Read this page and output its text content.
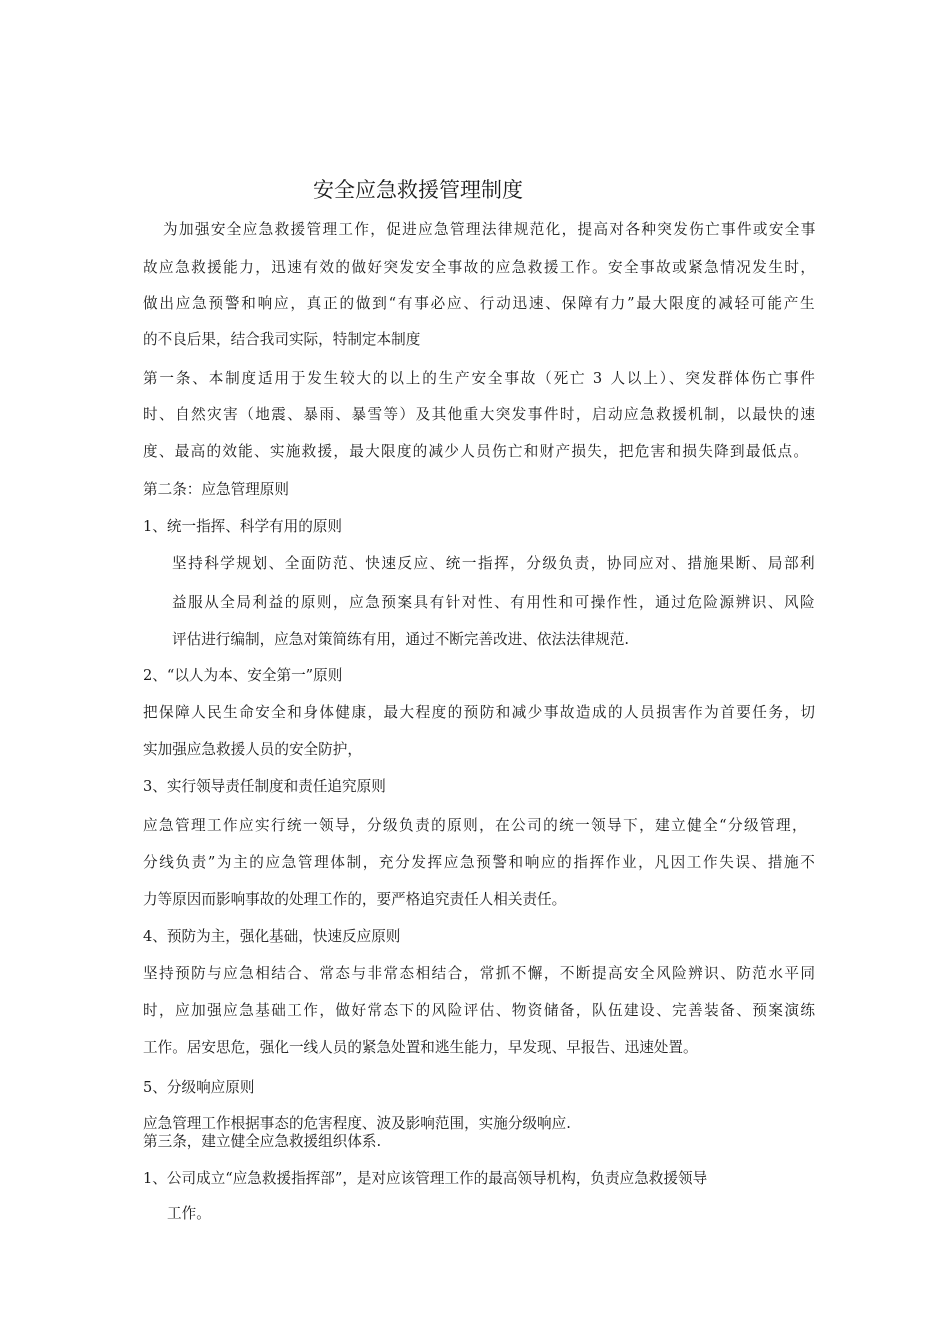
安全应急救援管理制度
为加强安全应急救援管理工作，促进应急管理法律规范化，提高对各种突发伤亡事件或安全事
故应急救援能力，迅速有效的做好突发安全事故的应急救援工作。安全事故或紧急情况发生时，
做出应急预警和响应，真正的做到“有事必应、行动迅速、保障有力”最大限度的减轻可能产生
的不良后果，结合我司实际，特制定本制度
第一条、本制度适用于发生较大的以上的生产安全事故（死亡 3 人以上）、突发群体伤亡事件
时、自然灾害（地震、暴雨、暴雪等）及其他重大突发事件时，启动应急救援机制，以最快的速
度、最高的效能、实施救援，最大限度的减少人员伤亡和财产损失，把危害和损失降到最低点。
第二条：应急管理原则
1、统一指挥、科学有用的原则
坚持科学规划、全面防范、快速反应、统一指挥，分级负责，协同应对、措施果断、局部利
益服从全局利益的原则，应急预案具有针对性、有用性和可操作性，通过危险源辨识、风险
评估进行编制，应急对策简练有用，通过不断完善改进、依法法律规范.
2、“以人为本、安全第一”原则
把保障人民生命安全和身体健康，最大程度的预防和减少事故造成的人员损害作为首要任务，切
实加强应急救援人员的安全防护，
3、实行领导责任制度和责任追究原则
应急管理工作应实行统一领导，分级负责的原则，在公司的统一领导下，建立健全“分级管理，
分线负责”为主的应急管理体制，充分发挥应急预警和响应的指挥作业，凡因工作失误、措施不
力等原因而影响事故的处理工作的，要严格追究责任人相关责任。
4、预防为主，强化基础，快速反应原则
坚持预防与应急相结合、常态与非常态相结合，常抓不懈，不断提高安全风险辨识、防范水平同
时，应加强应急基础工作，做好常态下的风险评估、物资储备，队伍建设、完善装备、预案演练
工作。居安思危，强化一线人员的紧急处置和逃生能力，早发现、早报告、迅速处置。
5、分级响应原则
应急管理工作根据事态的危害程度、波及影响范围，实施分级响应.
第三条，建立健全应急救援组织体系.
1、公司成立“应急救援指挥部”，是对应该管理工作的最高领导机构，负责应急救援领导
工作。
